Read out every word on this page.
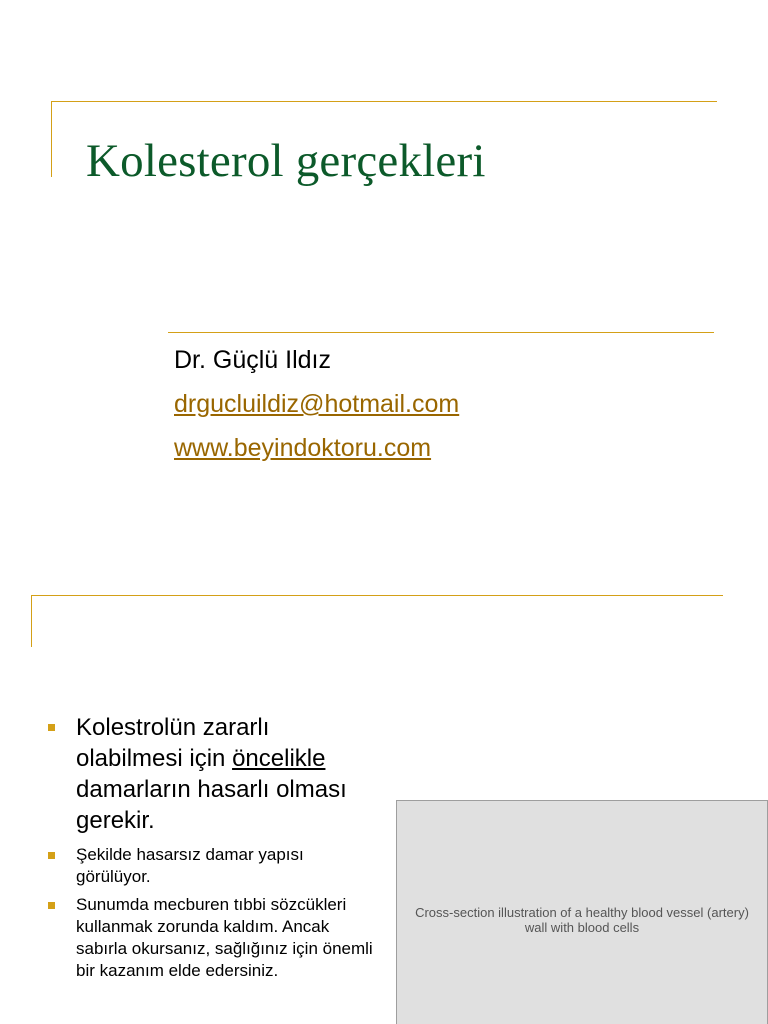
Kolesterol gerçekleri
Dr. Güçlü Ildız
drgucluildiz@hotmail.com
www.beyindoktoru.com
Kolestrolün zararlı olabilmesi için öncelikle damarların hasarlı olması gerekir.
Şekilde hasarsız damar yapısı görülüyor.
Sunumda mecburen tıbbi sözcükleri kullanmak zorunda kaldım. Ancak sabırla okursanız, sağlığınız için önemli bir kazanım elde edersiniz.
Cross-section illustration of a healthy blood vessel (artery) wall with blood cells
